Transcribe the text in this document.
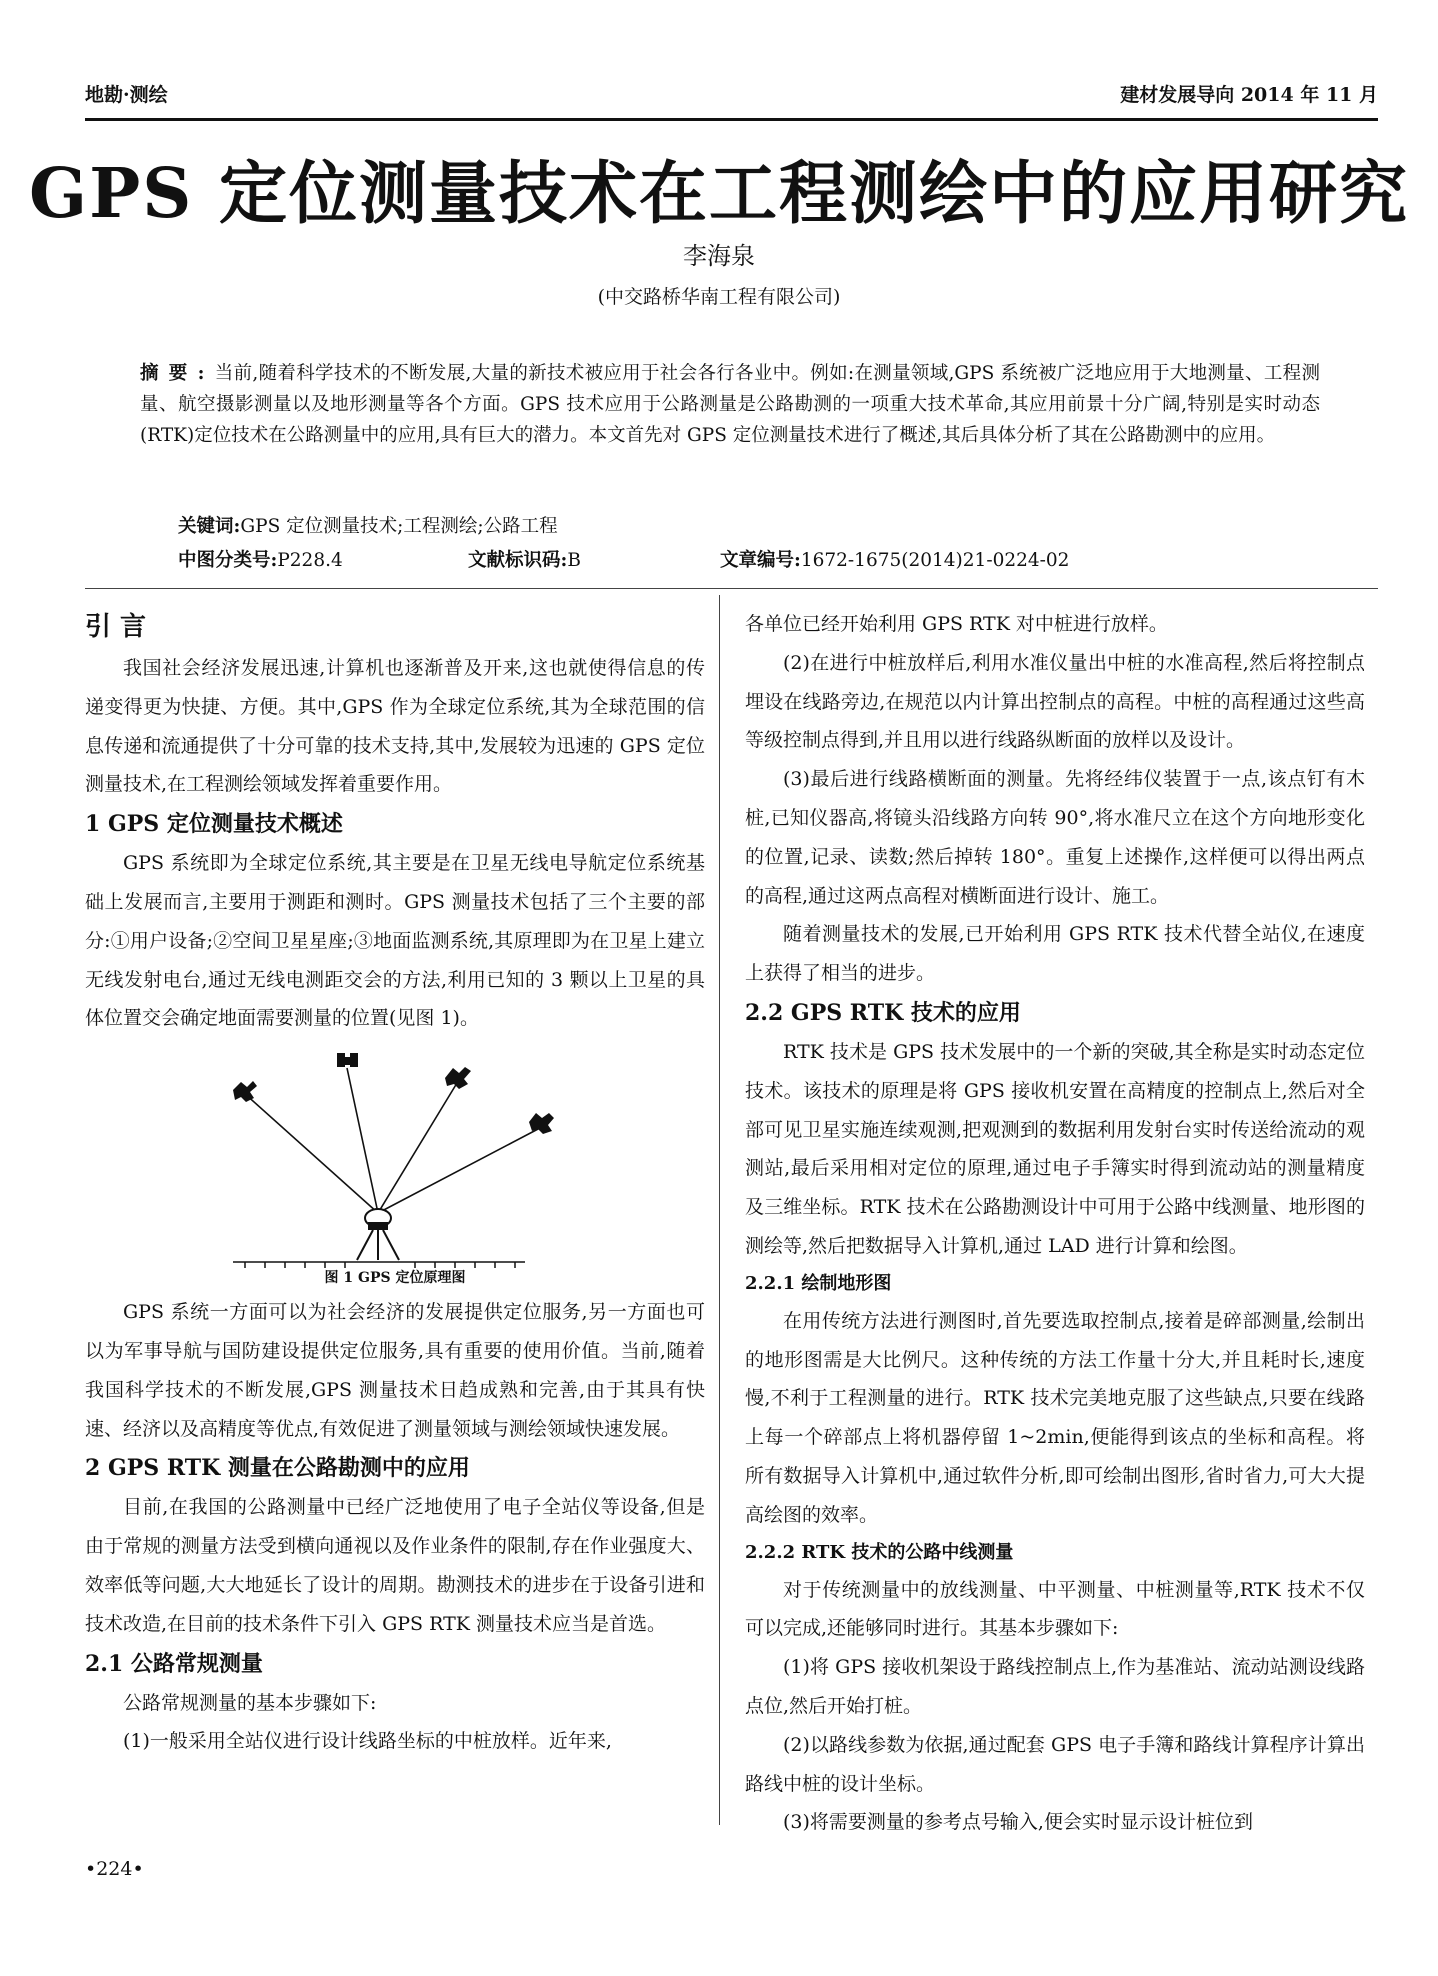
地勘·测绘	建材发展导向 2014 年 11 月
GPS 定位测量技术在工程测绘中的应用研究
李海泉
(中交路桥华南工程有限公司)
摘要:当前,随着科学技术的不断发展,大量的新技术被应用于社会各行各业中。例如:在测量领域,GPS 系统被广泛地应用于大地测量、工程测量、航空摄影测量以及地形测量等各个方面。GPS 技术应用于公路测量是公路勘测的一项重大技术革命,其应用前景十分广阔,特别是实时动态(RTK)定位技术在公路测量中的应用,具有巨大的潜力。本文首先对 GPS 定位测量技术进行了概述,其后具体分析了其在公路勘测中的应用。
关键词:GPS 定位测量技术;工程测绘;公路工程
中图分类号:P228.4	文献标识码:B	文章编号:1672-1675(2014)21-0224-02
引 言

我国社会经济发展迅速,计算机也逐渐普及开来,这也就使得信息的传递变得更为快捷、方便。其中,GPS 作为全球定位系统,其为全球范围的信息传递和流通提供了十分可靠的技术支持,其中,发展较为迅速的 GPS 定位测量技术,在工程测绘领域发挥着重要作用。

1 GPS 定位测量技术概述

GPS 系统即为全球定位系统,其主要是在卫星无线电导航定位系统基础上发展而言,主要用于测距和测时。GPS 测量技术包括了三个主要的部分:①用户设备;②空间卫星星座;③地面监测系统,其原理即为在卫星上建立无线发射电台,通过无线电测距交会的方法,利用已知的 3 颗以上卫星的具体位置交会确定地面需要测量的位置(见图 1)。

图 1 GPS 定位原理图

GPS 系统一方面可以为社会经济的发展提供定位服务,另一方面也可以为军事导航与国防建设提供定位服务,具有重要的使用价值。当前,随着我国科学技术的不断发展,GPS 测量技术日趋成熟和完善,由于其具有快速、经济以及高精度等优点,有效促进了测量领域与测绘领域快速发展。

2 GPS RTK 测量在公路勘测中的应用

目前,在我国的公路测量中已经广泛地使用了电子全站仪等设备,但是由于常规的测量方法受到横向通视以及作业条件的限制,存在作业强度大、效率低等问题,大大地延长了设计的周期。勘测技术的进步在于设备引进和技术改造,在目前的技术条件下引入 GPS RTK 测量技术应当是首选。

2.1 公路常规测量

公路常规测量的基本步骤如下:

(1)一般采用全站仪进行设计线路坐标的中桩放样。近年来,

各单位已经开始利用 GPS RTK 对中桩进行放样。

(2)在进行中桩放样后,利用水准仪量出中桩的水准高程,然后将控制点埋设在线路旁边,在规范以内计算出控制点的高程。中桩的高程通过这些高等级控制点得到,并且用以进行线路纵断面的放样以及设计。

(3)最后进行线路横断面的测量。先将经纬仪装置于一点,该点钉有木桩,已知仪器高,将镜头沿线路方向转 90°,将水准尺立在这个方向地形变化的位置,记录、读数;然后掉转 180°。重复上述操作,这样便可以得出两点的高程,通过这两点高程对横断面进行设计、施工。

随着测量技术的发展,已开始利用 GPS RTK 技术代替全站仪,在速度上获得了相当的进步。

2.2 GPS RTK 技术的应用

RTK 技术是 GPS 技术发展中的一个新的突破,其全称是实时动态定位技术。该技术的原理是将 GPS 接收机安置在高精度的控制点上,然后对全部可见卫星实施连续观测,把观测到的数据利用发射台实时传送给流动的观测站,最后采用相对定位的原理,通过电子手簿实时得到流动站的测量精度及三维坐标。RTK 技术在公路勘测设计中可用于公路中线测量、地形图的测绘等,然后把数据导入计算机,通过 LAD 进行计算和绘图。

2.2.1 绘制地形图

在用传统方法进行测图时,首先要选取控制点,接着是碎部测量,绘制出的地形图需是大比例尺。这种传统的方法工作量十分大,并且耗时长,速度慢,不利于工程测量的进行。RTK 技术完美地克服了这些缺点,只要在线路上每一个碎部点上将机器停留 1~2min,便能得到该点的坐标和高程。将所有数据导入计算机中,通过软件分析,即可绘制出图形,省时省力,可大大提高绘图的效率。

2.2.2 RTK 技术的公路中线测量

对于传统测量中的放线测量、中平测量、中桩测量等,RTK 技术不仅可以完成,还能够同时进行。其基本步骤如下:

(1)将 GPS 接收机架设于路线控制点上,作为基准站、流动站测设线路点位,然后开始打桩。

(2)以路线参数为依据,通过配套 GPS 电子手簿和路线计算程序计算出路线中桩的设计坐标。

(3)将需要测量的参考点号输入,便会实时显示设计桩位到

•224•
